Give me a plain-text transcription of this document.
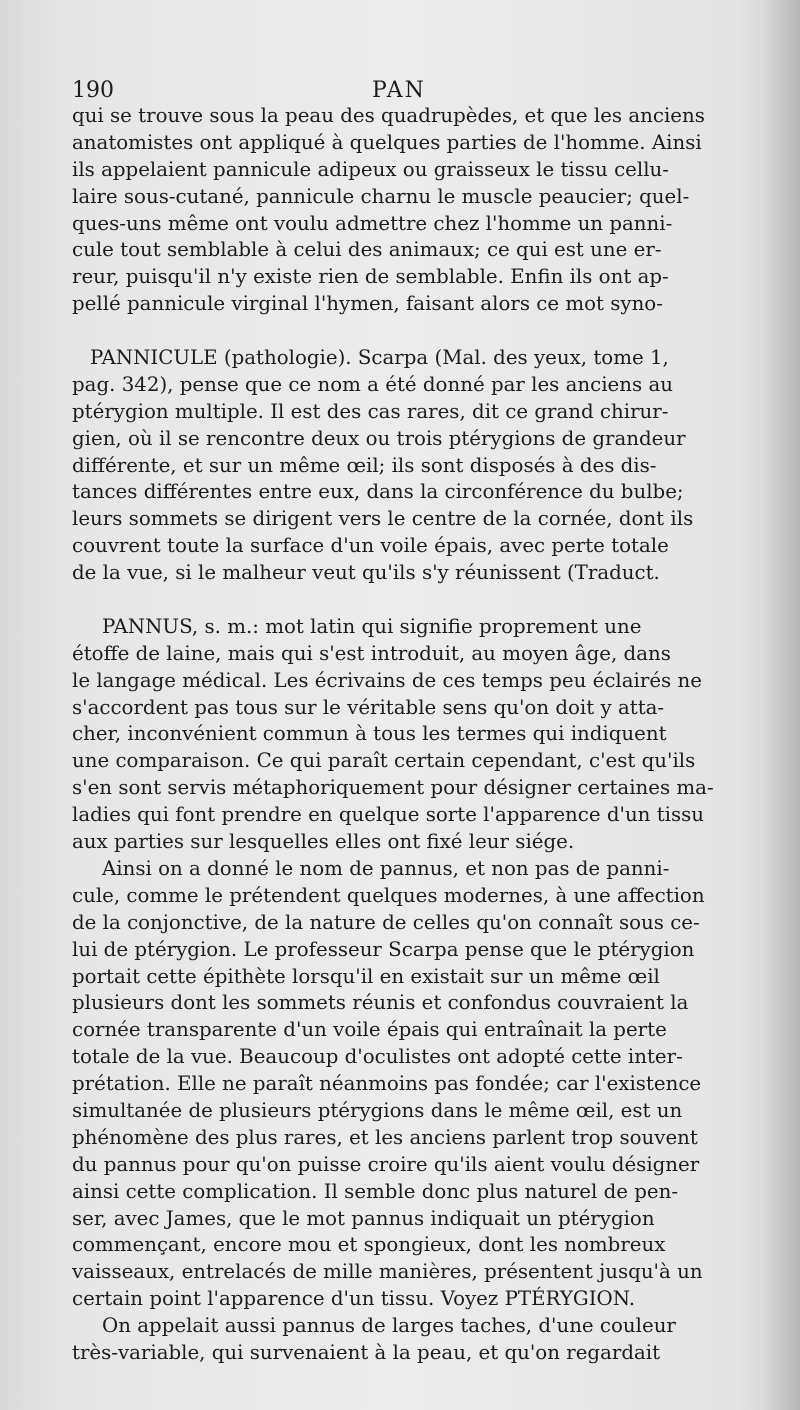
190	PAN
qui se trouve sous la peau des quadrupèdes, et que les anciens
anatomistes ont appliqué à quelques parties de l'homme. Ainsi
ils appelaient pannicule adipeux ou graisseux le tissu cellu-
laire sous-cutané, pannicule charnu le muscle peaucier; quel-
ques-uns même ont voulu admettre chez l'homme un panni-
cule tout semblable à celui des animaux; ce qui est une er-
reur, puisqu'il n'y existe rien de semblable. Enfin ils ont ap-
pellé pannicule virginal l'hymen, faisant alors ce mot syno-

PANNICULE (pathologie). Scarpa (Mal. des yeux, tome 1,
pag. 342), pense que ce nom a été donné par les anciens au
ptérygion multiple. Il est des cas rares, dit ce grand chirur-
gien, où il se rencontre deux ou trois ptérygions de grandeur
différente, et sur un même œil; ils sont disposés à des dis-
tances différentes entre eux, dans la circonférence du bulbe;
leurs sommets se dirigent vers le centre de la cornée, dont ils
couvrent toute la surface d'un voile épais, avec perte totale
de la vue, si le malheur veut qu'ils s'y réunissent (Traduct.

PANNUS, s. m.: mot latin qui signifie proprement une
étoffe de laine, mais qui s'est introduit, au moyen âge, dans
le langage médical. Les écrivains de ces temps peu éclairés ne
s'accordent pas tous sur le véritable sens qu'on doit y atta-
cher, inconvénient commun à tous les termes qui indiquent
une comparaison. Ce qui paraît certain cependant, c'est qu'ils
s'en sont servis métaphoriquement pour désigner certaines ma-
ladies qui font prendre en quelque sorte l'apparence d'un tissu
aux parties sur lesquelles elles ont fixé leur siége.
Ainsi on a donné le nom de pannus, et non pas de panni-
cule, comme le prétendent quelques modernes, à une affection
de la conjonctive, de la nature de celles qu'on connaît sous ce-
lui de ptérygion. Le professeur Scarpa pense que le ptérygion
portait cette épithète lorsqu'il en existait sur un même œil
plusieurs dont les sommets réunis et confondus couvraient la
cornée transparente d'un voile épais qui entraînait la perte
totale de la vue. Beaucoup d'oculistes ont adopté cette inter-
prétation. Elle ne paraît néanmoins pas fondée; car l'existence
simultanée de plusieurs ptérygions dans le même œil, est un
phénomène des plus rares, et les anciens parlent trop souvent
du pannus pour qu'on puisse croire qu'ils aient voulu désigner
ainsi cette complication. Il semble donc plus naturel de pen-
ser, avec James, que le mot pannus indiquait un ptérygion
commençant, encore mou et spongieux, dont les nombreux
vaisseaux, entrelacés de mille manières, présentent jusqu'à un
certain point l'apparence d'un tissu. Voyez PTÉRYGION.
On appelait aussi pannus de larges taches, d'une couleur
très-variable, qui survenaient à la peau, et qu'on regardait
